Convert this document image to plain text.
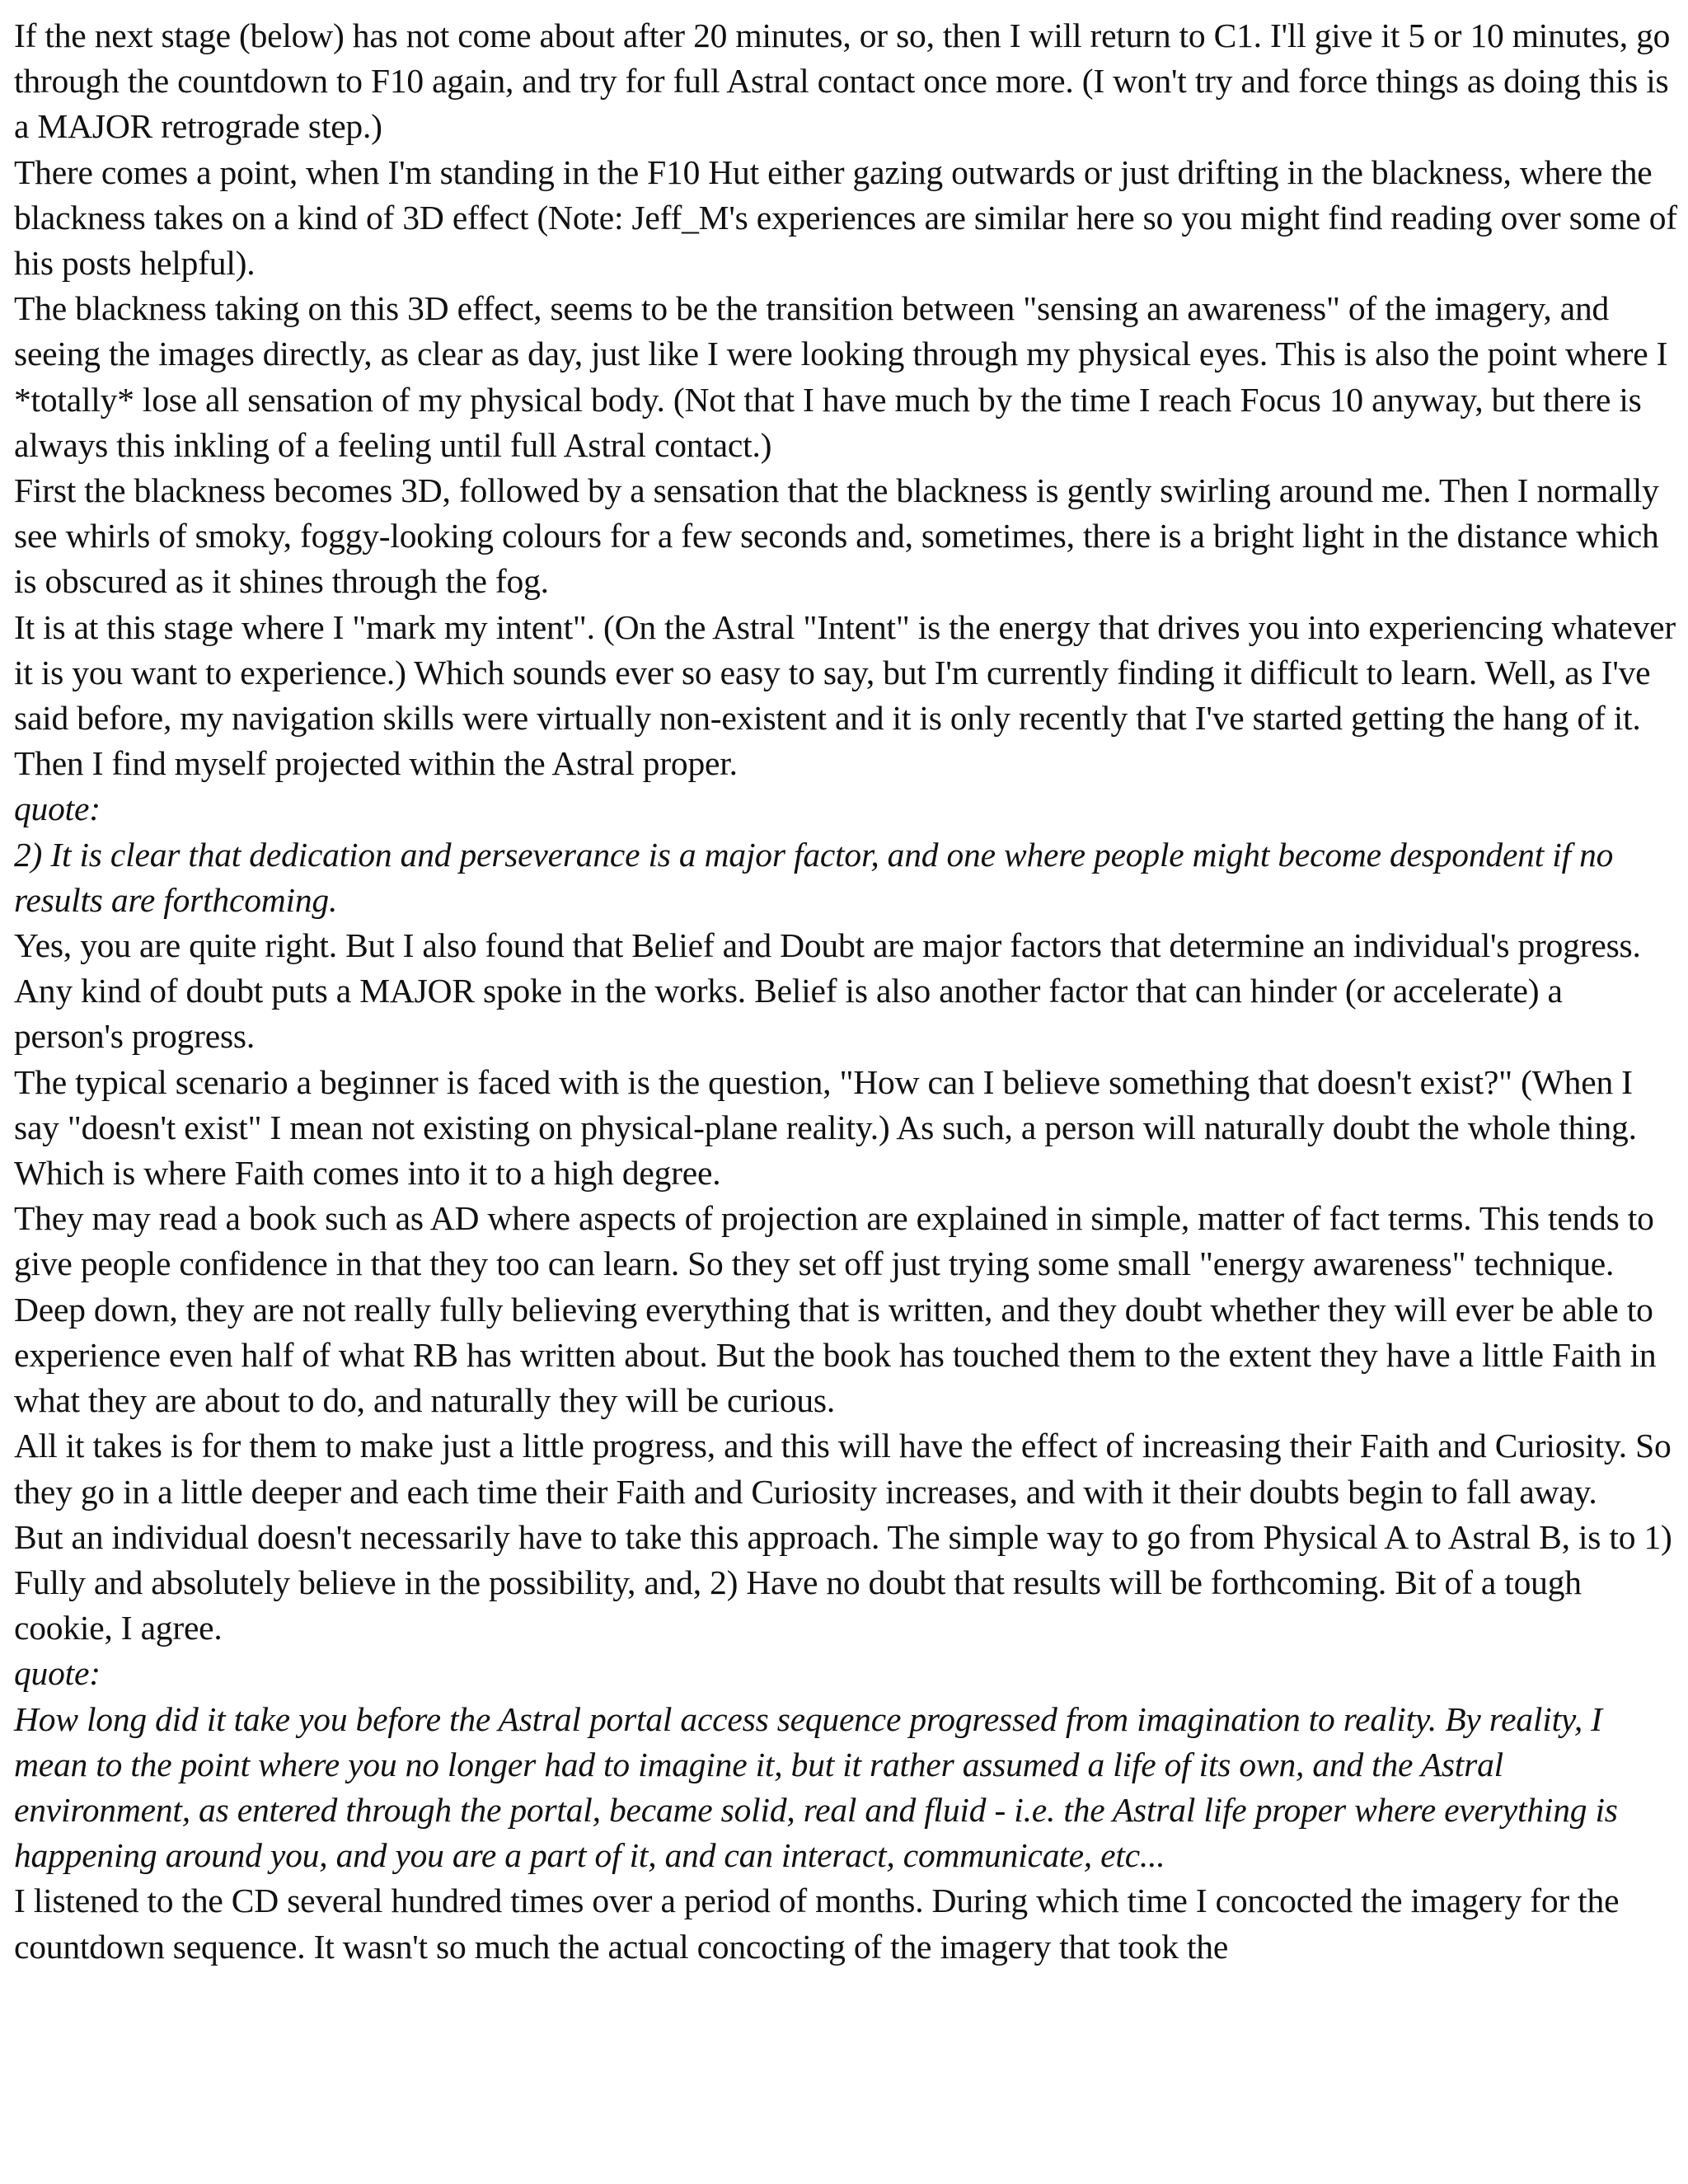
If the next stage (below) has not come about after 20 minutes, or so, then I will return to C1. I'll give it 5 or 10 minutes, go through the countdown to F10 again, and try for full Astral contact once more. (I won't try and force things as doing this is a MAJOR retrograde step.)

There comes a point, when I'm standing in the F10 Hut either gazing outwards or just drifting in the blackness, where the blackness takes on a kind of 3D effect (Note: Jeff_M's experiences are similar here so you might find reading over some of his posts helpful).

The blackness taking on this 3D effect, seems to be the transition between "sensing an awareness" of the imagery, and seeing the images directly, as clear as day, just like I were looking through my physical eyes. This is also the point where I *totally* lose all sensation of my physical body. (Not that I have much by the time I reach Focus 10 anyway, but there is always this inkling of a feeling until full Astral contact.)

First the blackness becomes 3D, followed by a sensation that the blackness is gently swirling around me. Then I normally see whirls of smoky, foggy-looking colours for a few seconds and, sometimes, there is a bright light in the distance which is obscured as it shines through the fog.

It is at this stage where I "mark my intent". (On the Astral "Intent" is the energy that drives you into experiencing whatever it is you want to experience.) Which sounds ever so easy to say, but I'm currently finding it difficult to learn. Well, as I've said before, my navigation skills were virtually non-existent and it is only recently that I've started getting the hang of it.

Then I find myself projected within the Astral proper.

quote:

2) It is clear that dedication and perseverance is a major factor, and one where people might become despondent if no results are forthcoming.

Yes, you are quite right. But I also found that Belief and Doubt are major factors that determine an individual's progress. Any kind of doubt puts a MAJOR spoke in the works. Belief is also another factor that can hinder (or accelerate) a person's progress.

The typical scenario a beginner is faced with is the question, "How can I believe something that doesn't exist?" (When I say "doesn't exist" I mean not existing on physical-plane reality.) As such, a person will naturally doubt the whole thing. Which is where Faith comes into it to a high degree.

They may read a book such as AD where aspects of projection are explained in simple, matter of fact terms. This tends to give people confidence in that they too can learn. So they set off just trying some small "energy awareness" technique.

Deep down, they are not really fully believing everything that is written, and they doubt whether they will ever be able to experience even half of what RB has written about. But the book has touched them to the extent they have a little Faith in what they are about to do, and naturally they will be curious.

All it takes is for them to make just a little progress, and this will have the effect of increasing their Faith and Curiosity. So they go in a little deeper and each time their Faith and Curiosity increases, and with it their doubts begin to fall away.

But an individual doesn't necessarily have to take this approach. The simple way to go from Physical A to Astral B, is to 1) Fully and absolutely believe in the possibility, and, 2) Have no doubt that results will be forthcoming. Bit of a tough cookie, I agree.

quote:

How long did it take you before the Astral portal access sequence progressed from imagination to reality. By reality, I mean to the point where you no longer had to imagine it, but it rather assumed a life of its own, and the Astral environment, as entered through the portal, became solid, real and fluid - i.e. the Astral life proper where everything is happening around you, and you are a part of it, and can interact, communicate, etc...

I listened to the CD several hundred times over a period of months. During which time I concocted the imagery for the countdown sequence. It wasn't so much the actual concocting of the imagery that took the
